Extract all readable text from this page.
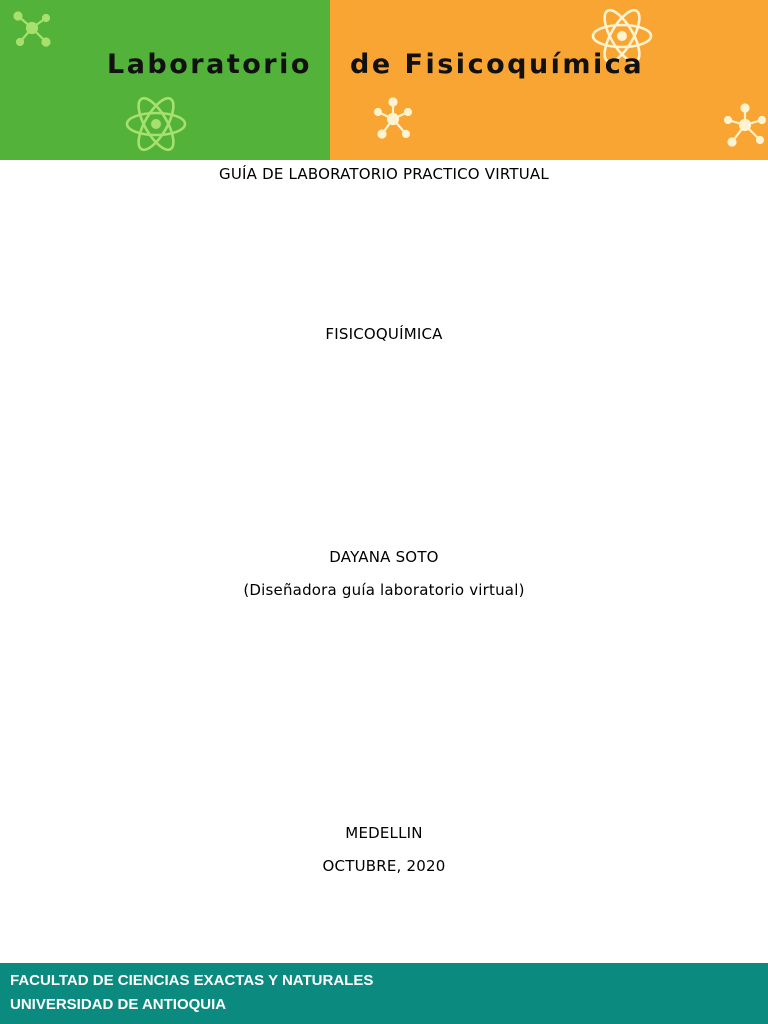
Laboratorio de Fisicoquímica
GUÍA DE LABORATORIO PRACTICO VIRTUAL
FISICOQUÍMICA
DAYANA SOTO
(Diseñadora guía laboratorio virtual)
MEDELLIN
OCTUBRE, 2020
FACULTAD DE CIENCIAS EXACTAS Y NATURALES
UNIVERSIDAD DE ANTIOQUIA
